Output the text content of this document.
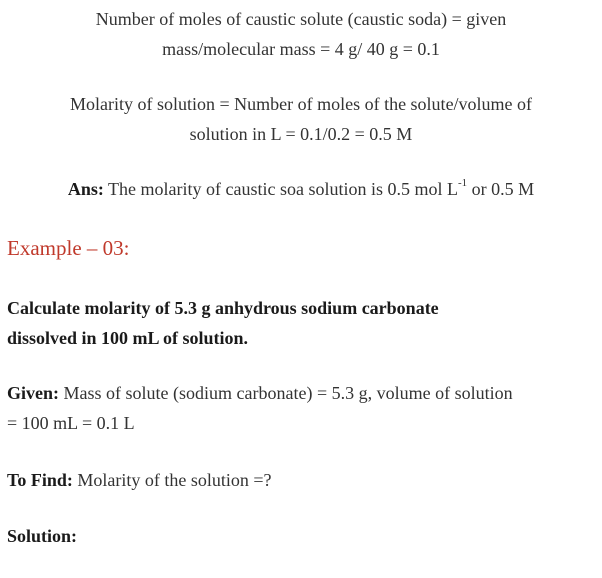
Number of moles of caustic solute (caustic soda) = given
mass/molecular mass = 4 g/ 40 g = 0.1
Molarity of solution = Number of moles of the solute/volume of
solution in L = 0.1/0.2 = 0.5 M
Ans: The molarity of caustic soa solution is 0.5 mol $L^{-1}$ or 0.5 M
Example – 03:
Calculate molarity of 5.3 g anhydrous sodium carbonate
dissolved in 100 mL of solution.
Given: Mass of solute (sodium carbonate) = 5.3 g, volume of solution
= 100 mL = 0.1 L
To Find: Molarity of the solution =?
Solution:
